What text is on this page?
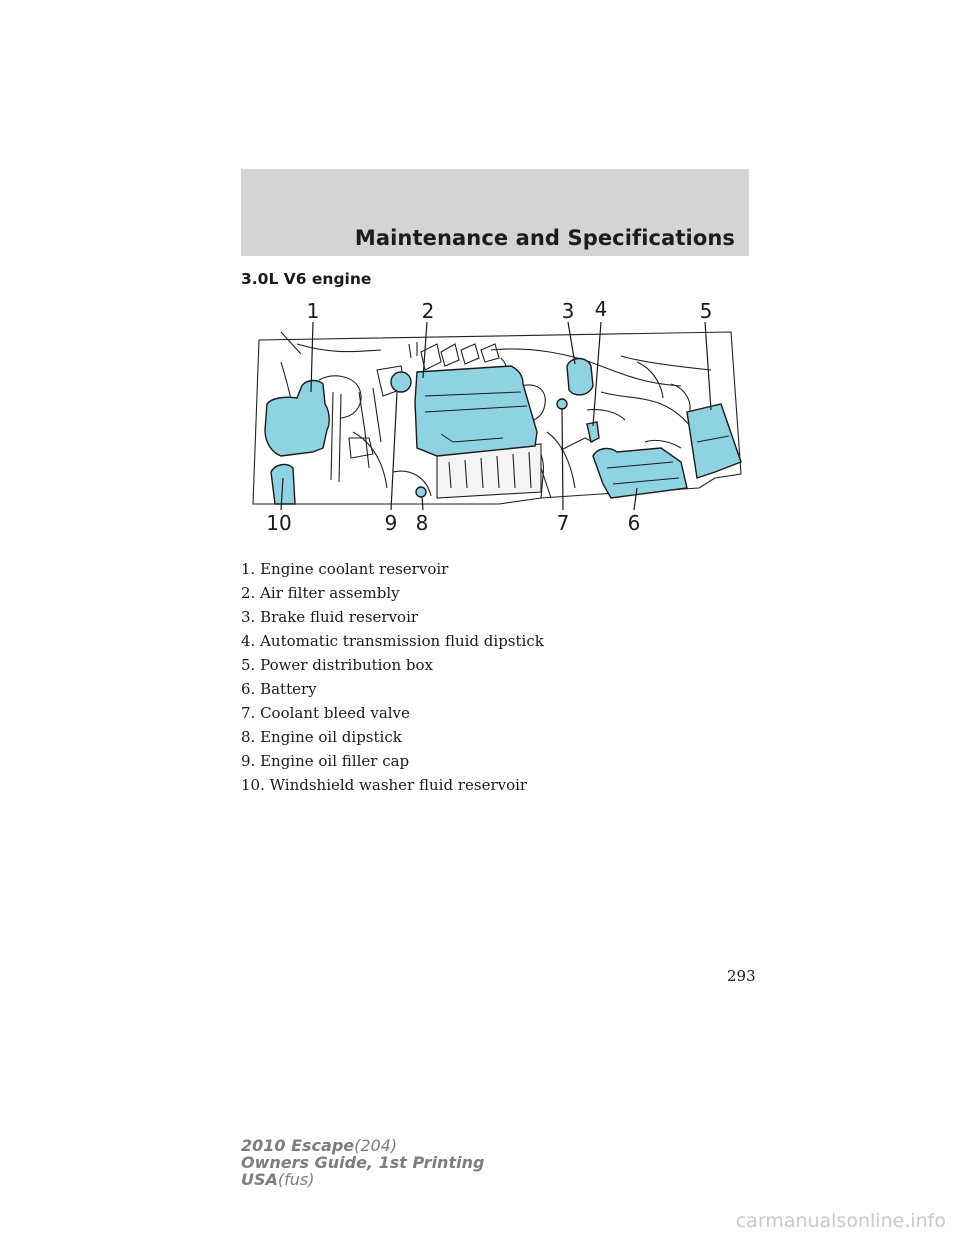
Maintenance and Specifications
3.0L V6 engine
1	2	3 4	5
10	9 8	7	6
1. Engine coolant reservoir
2. Air filter assembly
3. Brake fluid reservoir
4. Automatic transmission fluid dipstick
5. Power distribution box
6. Battery
7. Coolant bleed valve
8. Engine oil dipstick
9. Engine oil filler cap
10. Windshield washer fluid reservoir
293
2010 Escape(204)
Owners Guide, 1st Printing
USA(fus)
carmanualsonline.info
